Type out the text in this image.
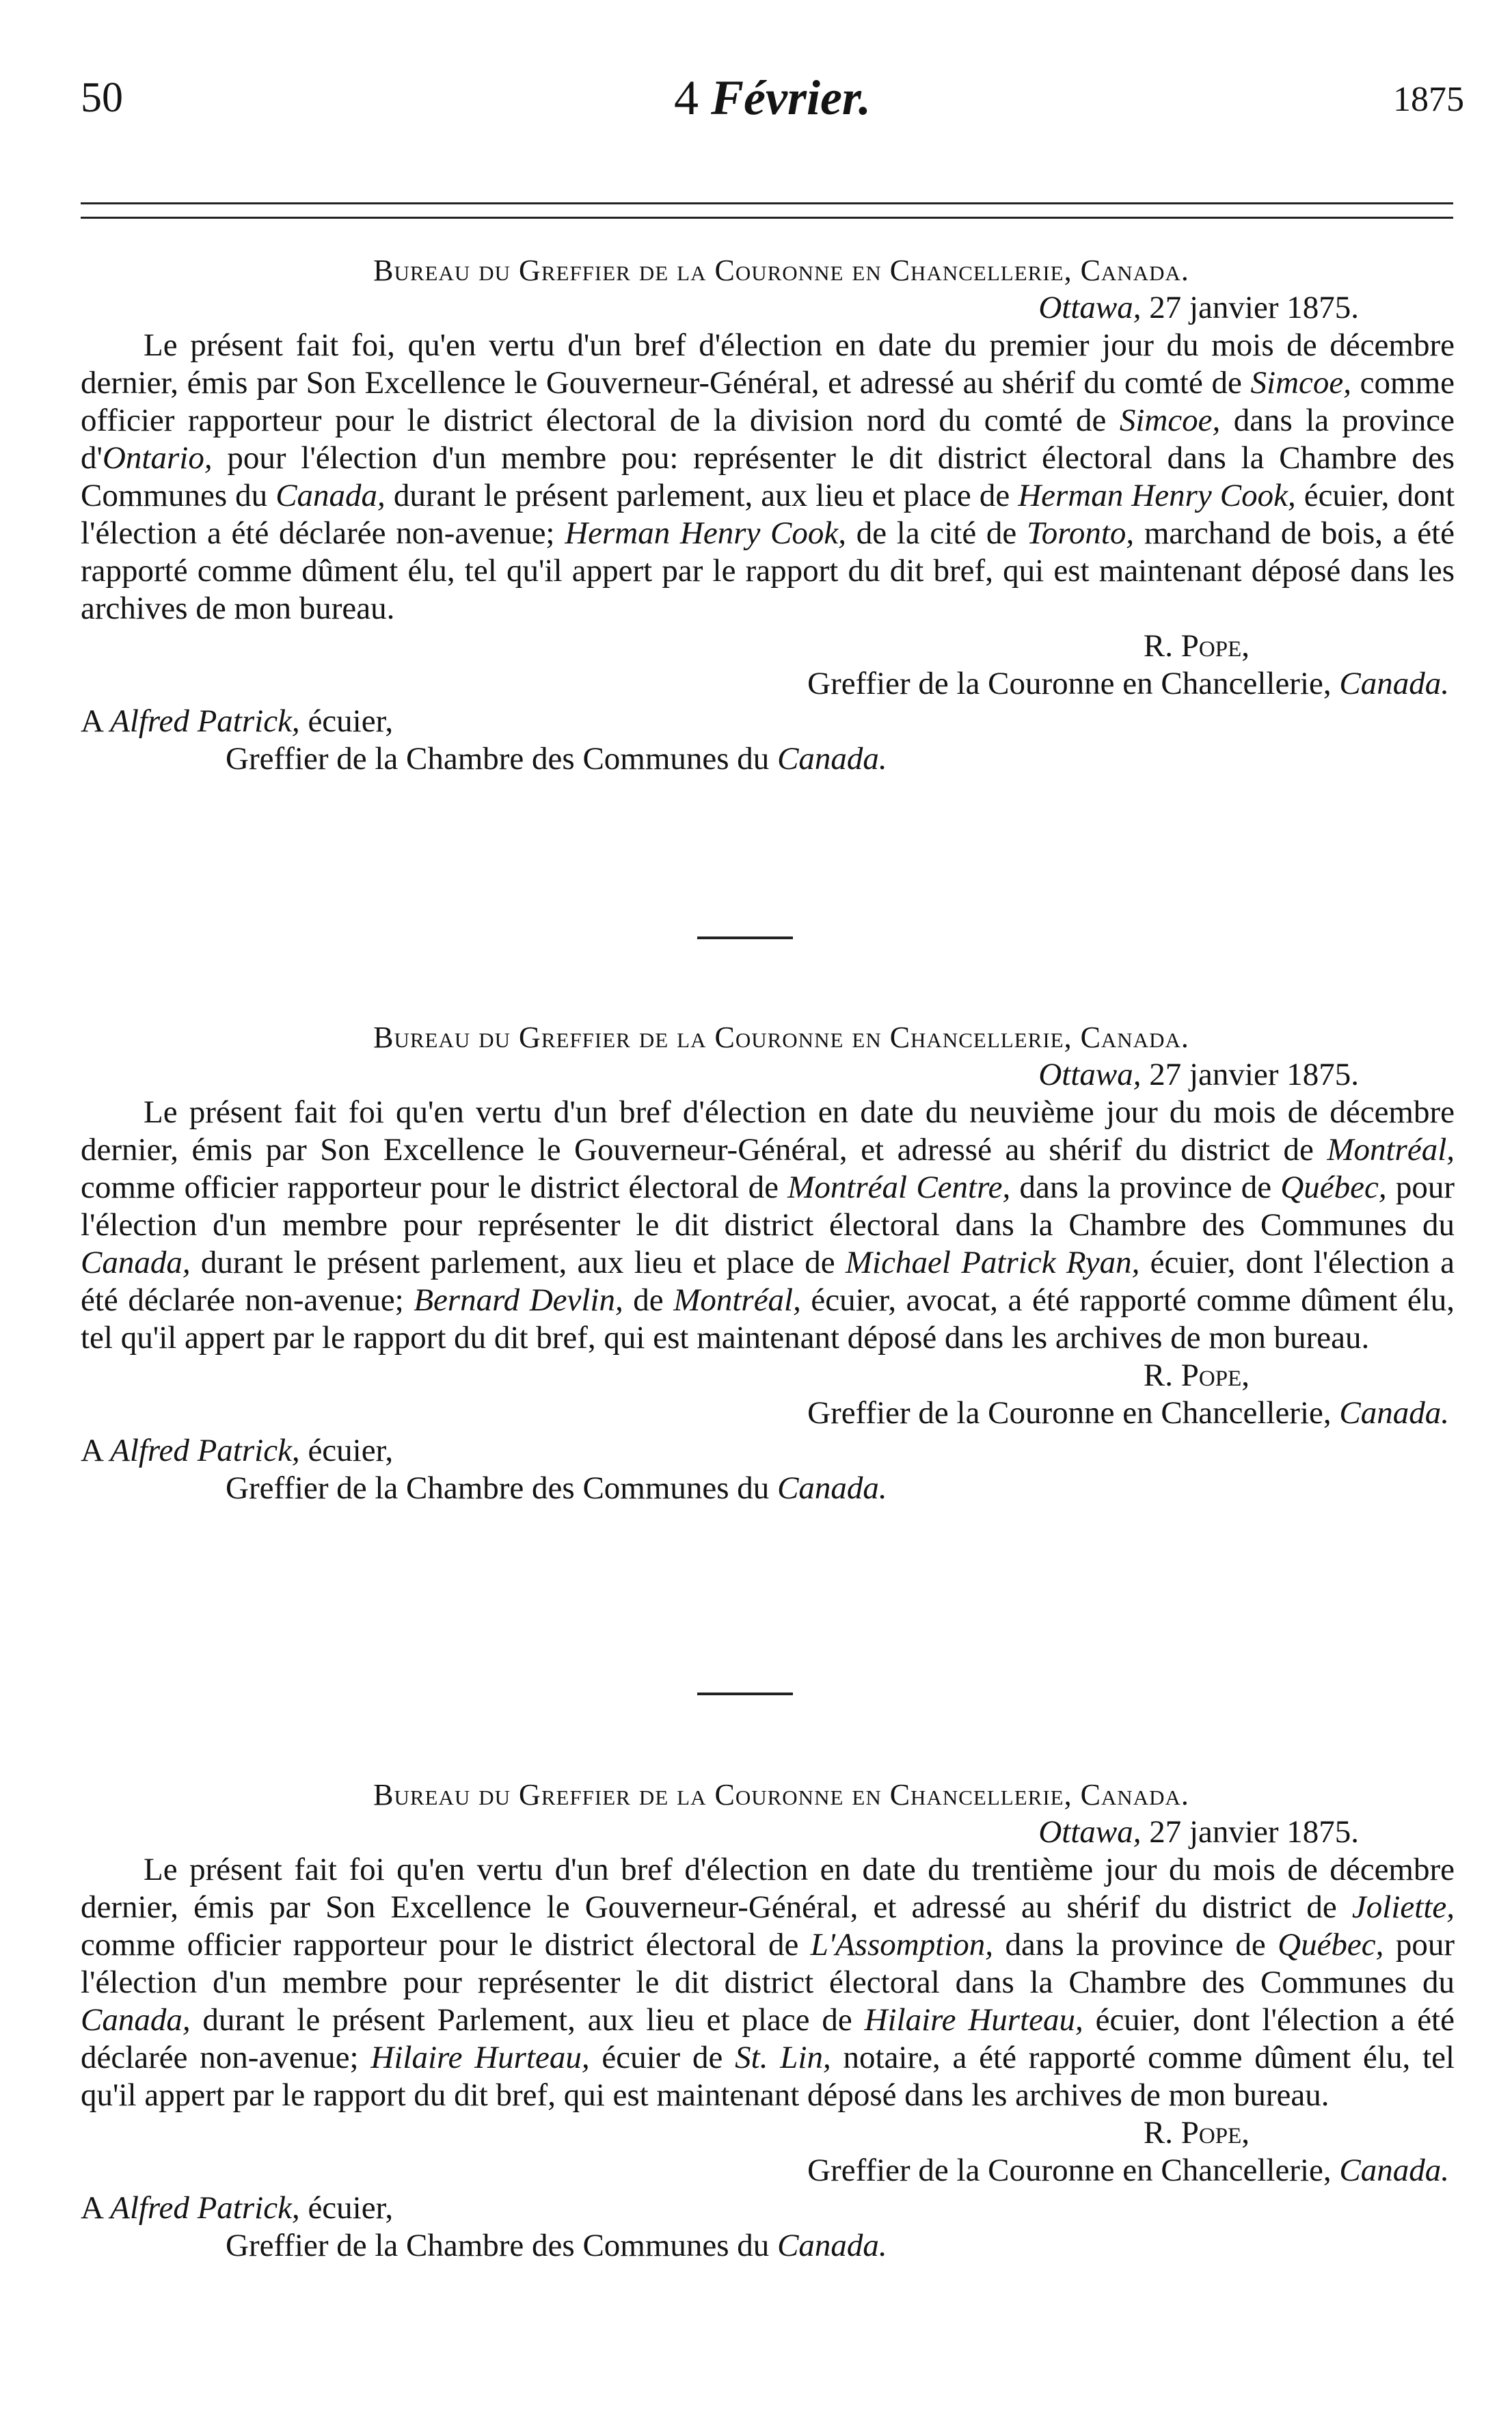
50	4 Février.	1875
Bureau du Greffier de la Couronne en Chancellerie, Canada.
Ottawa, 27 janvier 1875.

Le présent fait foi, qu'en vertu d'un bref d'élection en date du premier jour du mois de décembre dernier, émis par Son Excellence le Gouverneur-Général, et adressé au shérif du comté de Simcoe, comme officier rapporteur pour le district électoral de la division nord du comté de Simcoe, dans la province d'Ontario, pour l'élection d'un membre pou: représenter le dit district électoral dans la Chambre des Communes du Canada, durant le présent parlement, aux lieu et place de Herman Henry Cook, écuier, dont l'élection a été déclarée non-avenue; Herman Henry Cook, de la cité de Toronto, marchand de bois, a été rapporté comme dûment élu, tel qu'il appert par le rapport du dit bref, qui est maintenant déposé dans les archives de mon bureau.

R. Pope,
Greffier de la Couronne en Chancellerie, Canada.
A Alfred Patrick, écuier,
Greffier de la Chambre des Communes du Canada.
Bureau du Greffier de la Couronne en Chancellerie, Canada.
Ottawa, 27 janvier 1875.

Le présent fait foi qu'en vertu d'un bref d'élection en date du neuvième jour du mois de décembre dernier, émis par Son Excellence le Gouverneur-Général, et adressé au shérif du district de Montréal, comme officier rapporteur pour le district électoral de Montréal Centre, dans la province de Québec, pour l'élection d'un membre pour représenter le dit district électoral dans la Chambre des Communes du Canada, durant le présent parlement, aux lieu et place de Michael Patrick Ryan, écuier, dont l'élection a été déclarée non-avenue; Bernard Devlin, de Montréal, écuier, avocat, a été rapporté comme dûment élu, tel qu'il appert par le rapport du dit bref, qui est maintenant déposé dans les archives de mon bureau.

R. Pope,
Greffier de la Couronne en Chancellerie, Canada.
A Alfred Patrick, écuier,
Greffier de la Chambre des Communes du Canada.
Bureau du Greffier de la Couronne en Chancellerie, Canada.
Ottawa, 27 janvier 1875.

Le présent fait foi qu'en vertu d'un bref d'élection en date du trentième jour du mois de décembre dernier, émis par Son Excellence le Gouverneur-Général, et adressé au shérif du district de Joliette, comme officier rapporteur pour le district électoral de L'Assomption, dans la province de Québec, pour l'élection d'un membre pour représenter le dit district électoral dans la Chambre des Communes du Canada, durant le présent Parlement, aux lieu et place de Hilaire Hurteau, écuier, dont l'élection a été déclarée non-avenue; Hilaire Hurteau, écuier de St. Lin, notaire, a été rapporté comme dûment élu, tel qu'il appert par le rapport du dit bref, qui est maintenant déposé dans les archives de mon bureau.

R. Pope,
Greffier de la Couronne en Chancellerie, Canada.
A Alfred Patrick, écuier,
Greffier de la Chambre des Communes du Canada.
